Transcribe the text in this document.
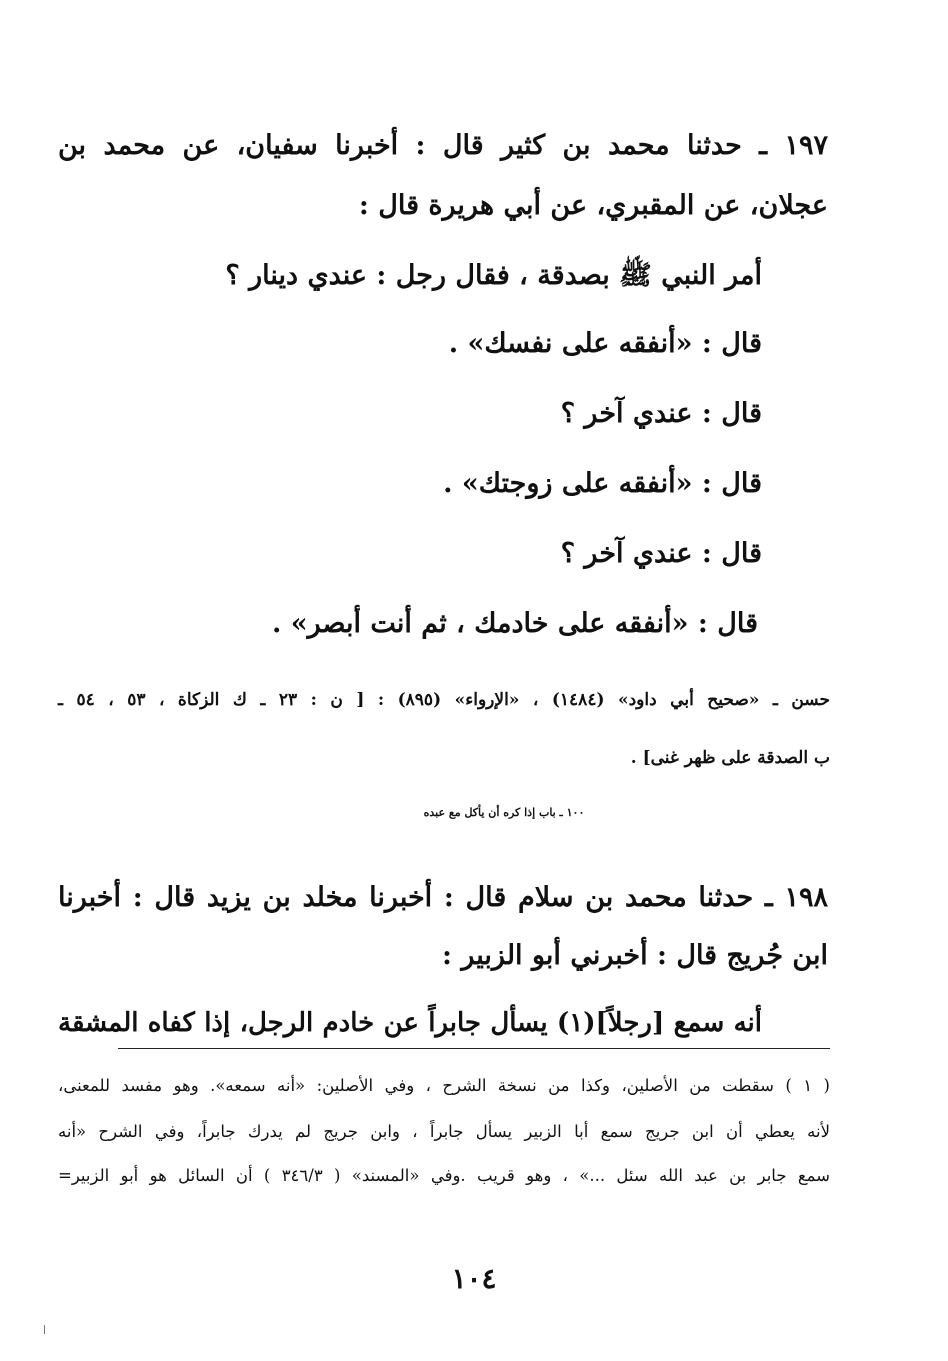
١٩٧ ـ حدثنا محمد بن كثير قال : أخبرنا سفيان، عن محمد بن

عجلان، عن المقبري، عن أبي هريرة قال :

أمر النبي ﷺ بصدقة ، فقال رجل : عندي دينار ؟

قال : «أنفقه على نفسك» .

قال : عندي آخر ؟

قال : «أنفقه على زوجتك» .

قال : عندي آخر ؟

قال : «أنفقه على خادمك ، ثم أنت أبصر» .

حسن ـ «صحيح أبي داود» (١٤٨٤) ، «الإرواء» (٨٩٥) : [ ن : ٢٣ ـ ك الزكاة ، ٥٣ ، ٥٤ ـ

ب الصدقة على ظهر غنى] .

١٠٠ ـ باب إذا كره أن يأكل مع عبده

١٩٨ ـ حدثنا محمد بن سلام قال : أخبرنا مخلد بن يزيد قال : أخبرنا

ابن جُريج قال : أخبرني أبو الزبير :

أنه سمع [رجلاً](١) يسأل جابراً عن خادم الرجل، إذا كفاه المشقة

( ١ ) سقطت من الأصلين، وكذا من نسخة الشرح ، وفي الأصلين: «أنه سمعه». وهو مفسد للمعنى،

لأنه يعطي أن ابن جريج سمع أبا الزبير يسأل جابراً ، وابن جريج لم يدرك جابراً، وفي الشرح «أنه

سمع جابر بن عبد الله سئل ...» ، وهو قريب .وفي «المسند» ( ٣٤٦/٣ ) أن السائل هو أبو الزبير=

١٠٤
